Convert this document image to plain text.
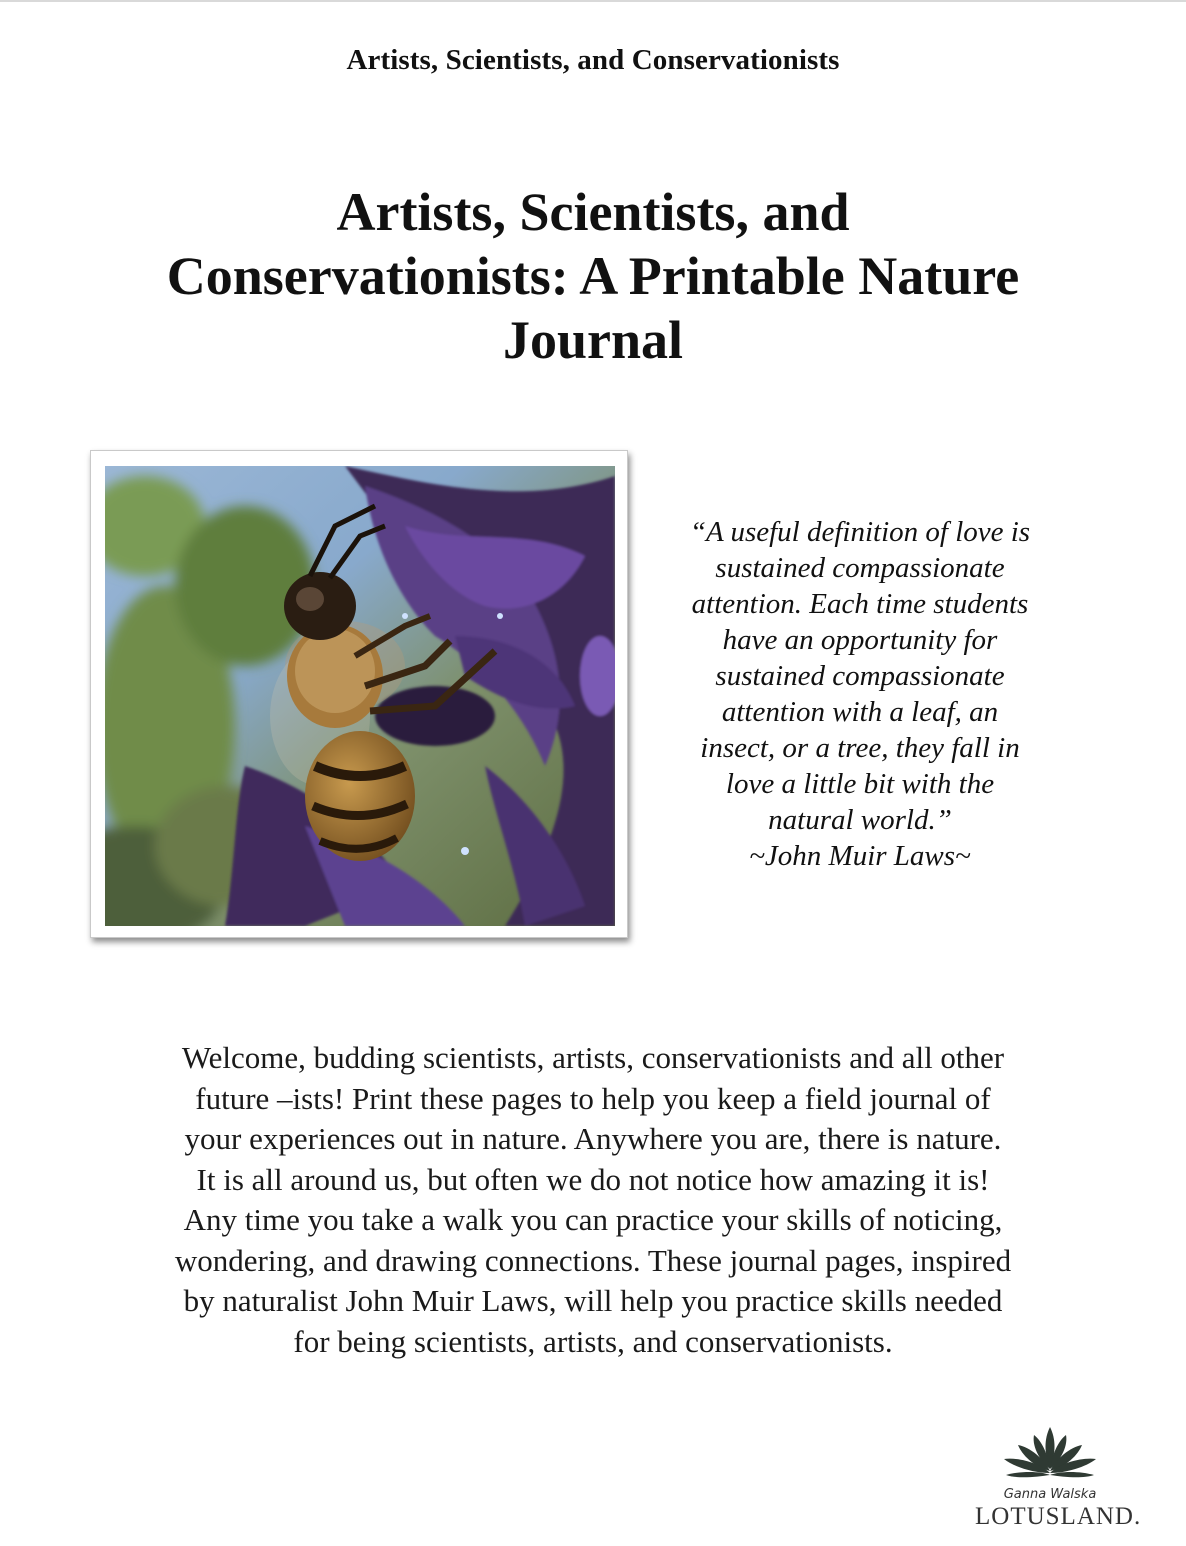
Artists, Scientists, and Conservationists
Artists, Scientists, and
Conservationists: A Printable Nature
Journal

“A useful definition of love is

sustained compassionate

attention. Each time students

have an opportunity for

sustained compassionate

attention with a leaf, an

insect, or a tree, they fall in

love a little bit with the

natural world.”

~John Muir Laws~

Welcome, budding scientists, artists, conservationists and all other
future –ists! Print these pages to help you keep a field journal of
your experiences out in nature. Anywhere you are, there is nature.
It is all around us, but often we do not notice how amazing it is!
Any time you take a walk you can practice your skills of noticing,
wondering, and drawing connections. These journal pages, inspired
by naturalist John Muir Laws, will help you practice skills needed
for being scientists, artists, and conservationists.

Ganna Walska
LOTUSLAND.
